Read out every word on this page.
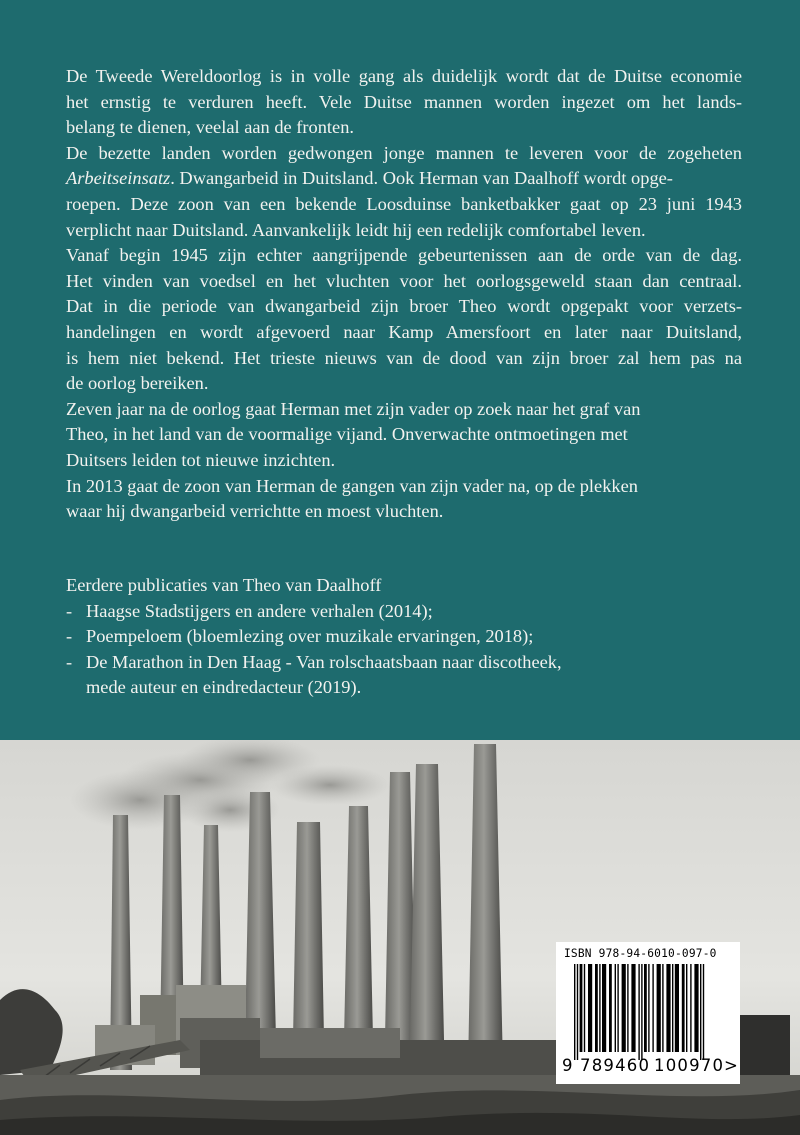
De Tweede Wereldoorlog is in volle gang als duidelijk wordt dat de Duitse economie
het ernstig te verduren heeft. Vele Duitse mannen worden ingezet om het lands-
belang te dienen, veelal aan de fronten.
De bezette landen worden gedwongen jonge mannen te leveren voor de zogeheten
Arbeitseinsatz. Dwangarbeid in Duitsland. Ook Herman van Daalhoff wordt opge-
roepen. Deze zoon van een bekende Loosduinse banketbakker gaat op 23 juni 1943
verplicht naar Duitsland. Aanvankelijk leidt hij een redelijk comfortabel leven.
Vanaf begin 1945 zijn echter aangrijpende gebeurtenissen aan de orde van de dag.
Het vinden van voedsel en het vluchten voor het oorlogsgeweld staan dan centraal.
Dat in die periode van dwangarbeid zijn broer Theo wordt opgepakt voor verzets-
handelingen en wordt afgevoerd naar Kamp Amersfoort en later naar Duitsland,
is hem niet bekend. Het trieste nieuws van de dood van zijn broer zal hem pas na
de oorlog bereiken.
Zeven jaar na de oorlog gaat Herman met zijn vader op zoek naar het graf van
Theo, in het land van de voormalige vijand. Onverwachte ontmoetingen met
Duitsers leiden tot nieuwe inzichten.
In 2013 gaat de zoon van Herman de gangen van zijn vader na, op de plekken
waar hij dwangarbeid verrichtte en moest vluchten.
Eerdere publicaties van Theo van Daalhoff
- Haagse Stadstijgers en andere verhalen (2014);
- Poempeloem (bloemlezing over muzikale ervaringen, 2018);
- De Marathon in Den Haag - Van rolschaatsbaan naar discotheek,
mede auteur en eindredacteur (2019).
ISBN 978-94-6010-097-0
9 789460 100970 >
